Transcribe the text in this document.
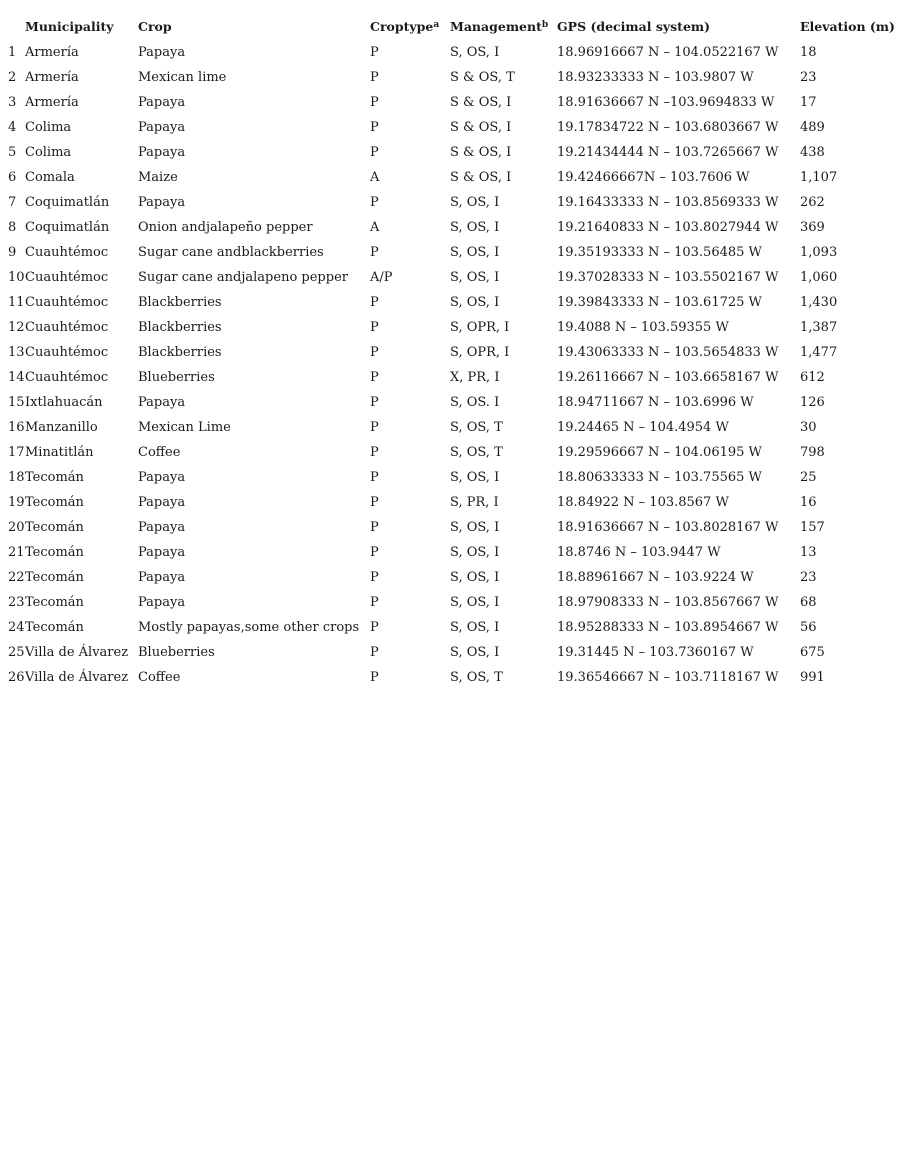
	Municipality	Crop	Croptype$^a$	Management$^b$	GPS (decimal system)	Elevation (m)
1	Armería	Papaya	P	S, OS, I	18.96916667 N – 104.0522167 W	18
2	Armería	Mexican lime	P	S & OS, T	18.93233333 N – 103.9807 W	23
3	Armería	Papaya	P	S & OS, I	18.91636667 N –103.9694833 W	17
4	Colima	Papaya	P	S & OS, I	19.17834722 N – 103.6803667 W	489
5	Colima	Papaya	P	S & OS, I	19.21434444 N – 103.7265667 W	438
6	Comala	Maize	A	S & OS, I	19.42466667N – 103.7606 W	1,107
7	Coquimatlán	Papaya	P	S, OS, I	19.16433333 N – 103.8569333 W	262
8	Coquimatlán	Onion andjalapeño pepper	A	S, OS, I	19.21640833 N – 103.8027944 W	369
9	Cuauhtémoc	Sugar cane andblackberries	P	S, OS, I	19.35193333 N – 103.56485 W	1,093
10	Cuauhtémoc	Sugar cane andjalapeno pepper	A/P	S, OS, I	19.37028333 N – 103.5502167 W	1,060
11	Cuauhtémoc	Blackberries	P	S, OS, I	19.39843333 N – 103.61725 W	1,430
12	Cuauhtémoc	Blackberries	P	S, OPR, I	19.4088 N – 103.59355 W	1,387
13	Cuauhtémoc	Blackberries	P	S, OPR, I	19.43063333 N – 103.5654833 W	1,477
14	Cuauhtémoc	Blueberries	P	X, PR, I	19.26116667 N – 103.6658167 W	612
15	Ixtlahuacán	Papaya	P	S, OS. I	18.94711667 N – 103.6996 W	126
16	Manzanillo	Mexican Lime	P	S, OS, T	19.24465 N – 104.4954 W	30
17	Minatitlán	Coffee	P	S, OS, T	19.29596667 N – 104.06195 W	798
18	Tecomán	Papaya	P	S, OS, I	18.80633333 N – 103.75565 W	25
19	Tecomán	Papaya	P	S, PR, I	18.84922 N – 103.8567 W	16
20	Tecomán	Papaya	P	S, OS, I	18.91636667 N – 103.8028167 W	157
21	Tecomán	Papaya	P	S, OS, I	18.8746 N – 103.9447 W	13
22	Tecomán	Papaya	P	S, OS, I	18.88961667 N – 103.9224 W	23
23	Tecomán	Papaya	P	S, OS, I	18.97908333 N – 103.8567667 W	68
24	Tecomán	Mostly papayas,some other crops	P	S, OS, I	18.95288333 N – 103.8954667 W	56
25	Villa de Álvarez	Blueberries	P	S, OS, I	19.31445 N – 103.7360167 W	675
26	Villa de Álvarez	Coffee	P	S, OS, T	19.36546667 N – 103.7118167 W	991
